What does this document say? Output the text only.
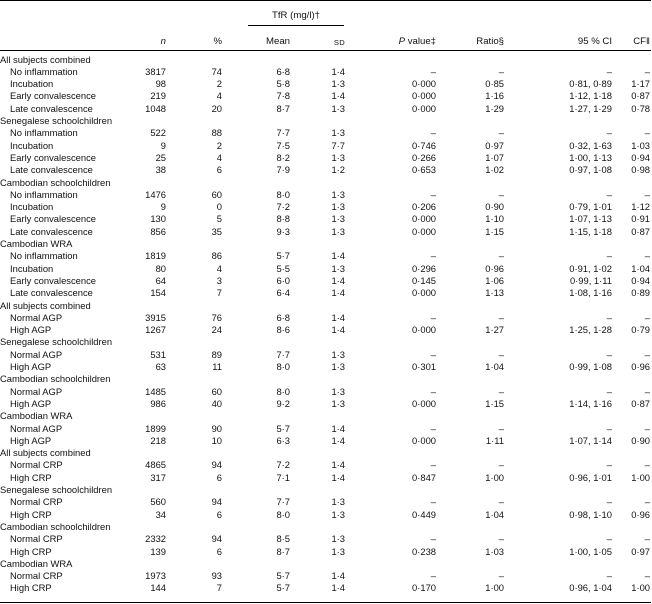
TfR (mg/l)†
n	%	Mean	SD	P value‡	Ratio§	95 % CI	CF‖
All subjects combined
No inflammation	3817	74	6·8	1·4	–	–	–	–
Incubation	98	2	5·8	1·3	0·000	0·85	0·81, 0·89	1·17
Early convalescence	219	4	7·8	1·4	0·000	1·16	1·12, 1·18	0·87
Late convalescence	1048	20	8·7	1·3	0·000	1·29	1·27, 1·29	0·78
Senegalese schoolchildren
No inflammation	522	88	7·7	1·3	–	–	–	–
Incubation	9	2	7·5	7·7	0·746	0·97	0·32, 1·63	1·03
Early convalescence	25	4	8·2	1·3	0·266	1·07	1·00, 1·13	0·94
Late convalescence	38	6	7·9	1·2	0·653	1·02	0·97, 1·08	0·98
Cambodian schoolchildren
No inflammation	1476	60	8·0	1·3	–	–	–	–
Incubation	9	0	7·2	1·3	0·206	0·90	0·79, 1·01	1·12
Early convalescence	130	5	8·8	1·3	0·000	1·10	1·07, 1·13	0·91
Late convalescence	856	35	9·3	1·3	0·000	1·15	1·15, 1·18	0·87
Cambodian WRA
No inflammation	1819	86	5·7	1·4	–	–	–	–
Incubation	80	4	5·5	1·3	0·296	0·96	0·91, 1·02	1·04
Early convalescence	64	3	6·0	1·4	0·145	1·06	0·99, 1·11	0·94
Late convalescence	154	7	6·4	1·4	0·000	1·13	1·08, 1·16	0·89
All subjects combined
Normal AGP	3915	76	6·8	1·4	–	–	–	–
High AGP	1267	24	8·6	1·4	0·000	1·27	1·25, 1·28	0·79
Senegalese schoolchildren
Normal AGP	531	89	7·7	1·3	–	–	–	–
High AGP	63	11	8·0	1·3	0·301	1·04	0·99, 1·08	0·96
Cambodian schoolchildren
Normal AGP	1485	60	8·0	1·3	–	–	–	–
High AGP	986	40	9·2	1·3	0·000	1·15	1·14, 1·16	0·87
Cambodian WRA
Normal AGP	1899	90	5·7	1·4	–	–	–	–
High AGP	218	10	6·3	1·4	0·000	1·11	1·07, 1·14	0·90
All subjects combined
Normal CRP	4865	94	7·2	1·4	–	–	–	–
High CRP	317	6	7·1	1·4	0·847	1·00	0·96, 1·01	1·00
Senegalese schoolchildren
Normal CRP	560	94	7·7	1·3	–	–	–	–
High CRP	34	6	8·0	1·3	0·449	1·04	0·98, 1·10	0·96
Cambodian schoolchildren
Normal CRP	2332	94	8·5	1·3	–	–	–	–
High CRP	139	6	8·7	1·3	0·238	1·03	1·00, 1·05	0·97
Cambodian WRA
Normal CRP	1973	93	5·7	1·4	–	–	–	–
High CRP	144	7	5·7	1·4	0·170	1·00	0·96, 1·04	1·00
